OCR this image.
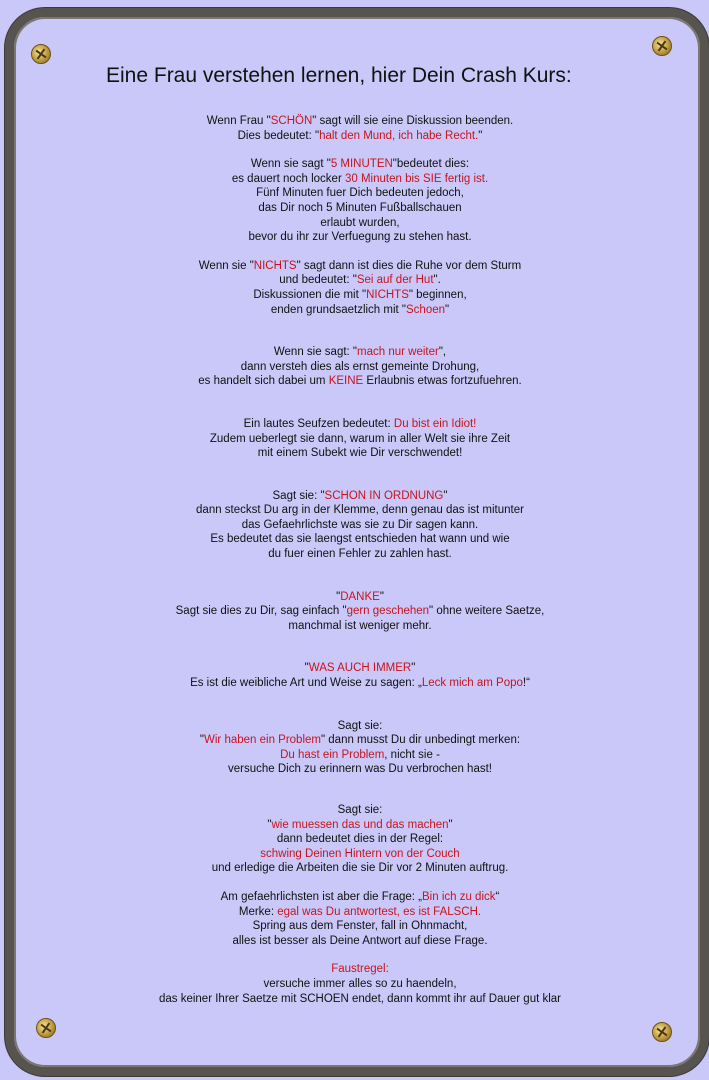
Eine Frau verstehen lernen, hier Dein Crash Kurs:
Wenn Frau "SCHÖN" sagt will sie eine Diskussion beenden.
Dies bedeutet: "halt den Mund, ich habe Recht."
Wenn sie sagt "5 MINUTEN"bedeutet dies:
es dauert noch locker 30 Minuten bis SIE fertig ist.
Fünf Minuten fuer Dich bedeuten jedoch,
das Dir noch 5 Minuten Fußballschauen
erlaubt wurden,
bevor du ihr zur Verfuegung zu stehen hast.
Wenn sie "NICHTS" sagt dann ist dies die Ruhe vor dem Sturm
und bedeutet: "Sei auf der Hut".
Diskussionen die mit "NICHTS" beginnen,
enden grundsaetzlich mit "Schoen"
Wenn sie sagt: "mach nur weiter",
dann versteh dies als ernst gemeinte Drohung,
es handelt sich dabei um KEINE Erlaubnis etwas fortzufuehren.
Ein lautes Seufzen bedeutet: Du bist ein Idiot!
Zudem ueberlegt sie dann, warum in aller Welt sie ihre Zeit
mit einem Subekt wie Dir verschwendet!
Sagt sie: "SCHON IN ORDNUNG"
dann steckst Du arg in der Klemme, denn genau das ist mitunter
das Gefaehrlichste was sie zu Dir sagen kann.
Es bedeutet das sie laengst entschieden hat wann und wie
du fuer einen Fehler zu zahlen hast.
"DANKE"
Sagt sie dies zu Dir, sag einfach "gern geschehen" ohne weitere Saetze,
manchmal ist weniger mehr.
"WAS AUCH IMMER"
Es ist die weibliche Art und Weise zu sagen: „Leck mich am Popo!“
Sagt sie:
"Wir haben ein Problem" dann musst Du dir unbedingt merken:
Du hast ein Problem, nicht sie -
versuche Dich zu erinnern was Du verbrochen hast!
Sagt sie:
"wie muessen das und das machen"
dann bedeutet dies in der Regel:
schwing Deinen Hintern von der Couch
und erledige die Arbeiten die sie Dir vor 2 Minuten auftrug.
Am gefaehrlichsten ist aber die Frage: „Bin ich zu dick“
Merke: egal was Du antwortest, es ist FALSCH.
Spring aus dem Fenster, fall in Ohnmacht,
alles ist besser als Deine Antwort auf diese Frage.
Faustregel:
versuche immer alles so zu haendeln,
das keiner Ihrer Saetze mit SCHOEN endet, dann kommt ihr auf Dauer gut klar
